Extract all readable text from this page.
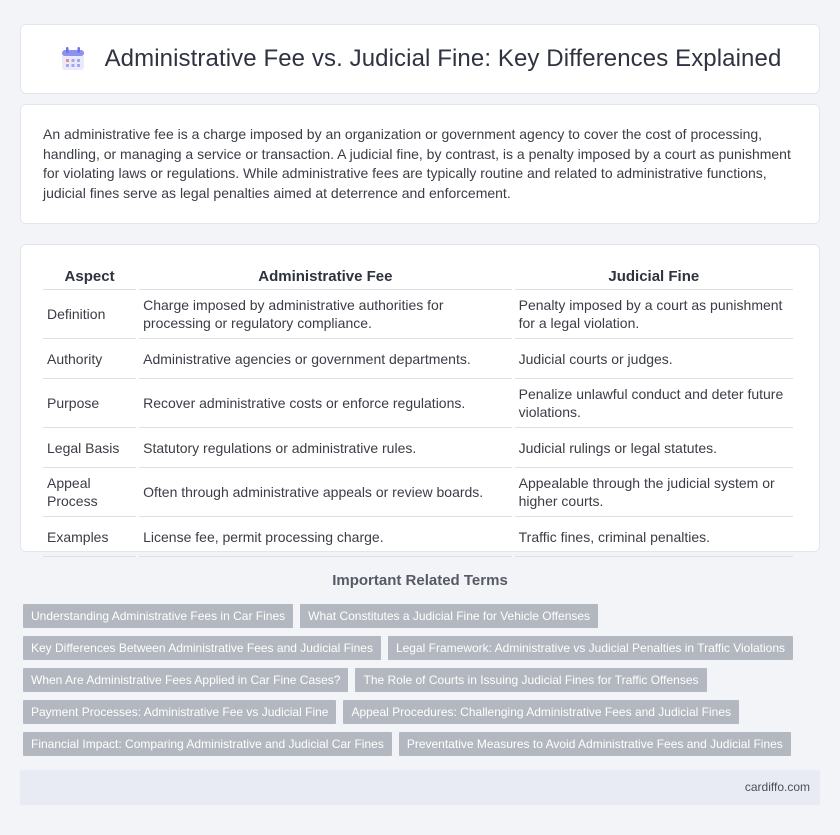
Administrative Fee vs. Judicial Fine: Key Differences Explained

An administrative fee is a charge imposed by an organization or government agency to cover the cost of processing, handling, or managing a service or transaction. A judicial fine, by contrast, is a penalty imposed by a court as punishment for violating laws or regulations. While administrative fees are typically routine and related to administrative functions, judicial fines serve as legal penalties aimed at deterrence and enforcement.

Aspect	Administrative Fee	Judicial Fine
Definition	Charge imposed by administrative authorities for processing or regulatory compliance.	Penalty imposed by a court as punishment for a legal violation.
Authority	Administrative agencies or government departments.	Judicial courts or judges.
Purpose	Recover administrative costs or enforce regulations.	Penalize unlawful conduct and deter future violations.
Legal Basis	Statutory regulations or administrative rules.	Judicial rulings or legal statutes.
Appeal Process	Often through administrative appeals or review boards.	Appealable through the judicial system or higher courts.
Examples	License fee, permit processing charge.	Traffic fines, criminal penalties.
Important Related Terms
Understanding Administrative Fees in Car Fines	What Constitutes a Judicial Fine for Vehicle Offenses
Key Differences Between Administrative Fees and Judicial Fines	Legal Framework: Administrative vs Judicial Penalties in Traffic Violations
When Are Administrative Fees Applied in Car Fine Cases?	The Role of Courts in Issuing Judicial Fines for Traffic Offenses
Payment Processes: Administrative Fee vs Judicial Fine	Appeal Procedures: Challenging Administrative Fees and Judicial Fines
Financial Impact: Comparing Administrative and Judicial Car Fines	Preventative Measures to Avoid Administrative Fees and Judicial Fines
cardiffo.com
